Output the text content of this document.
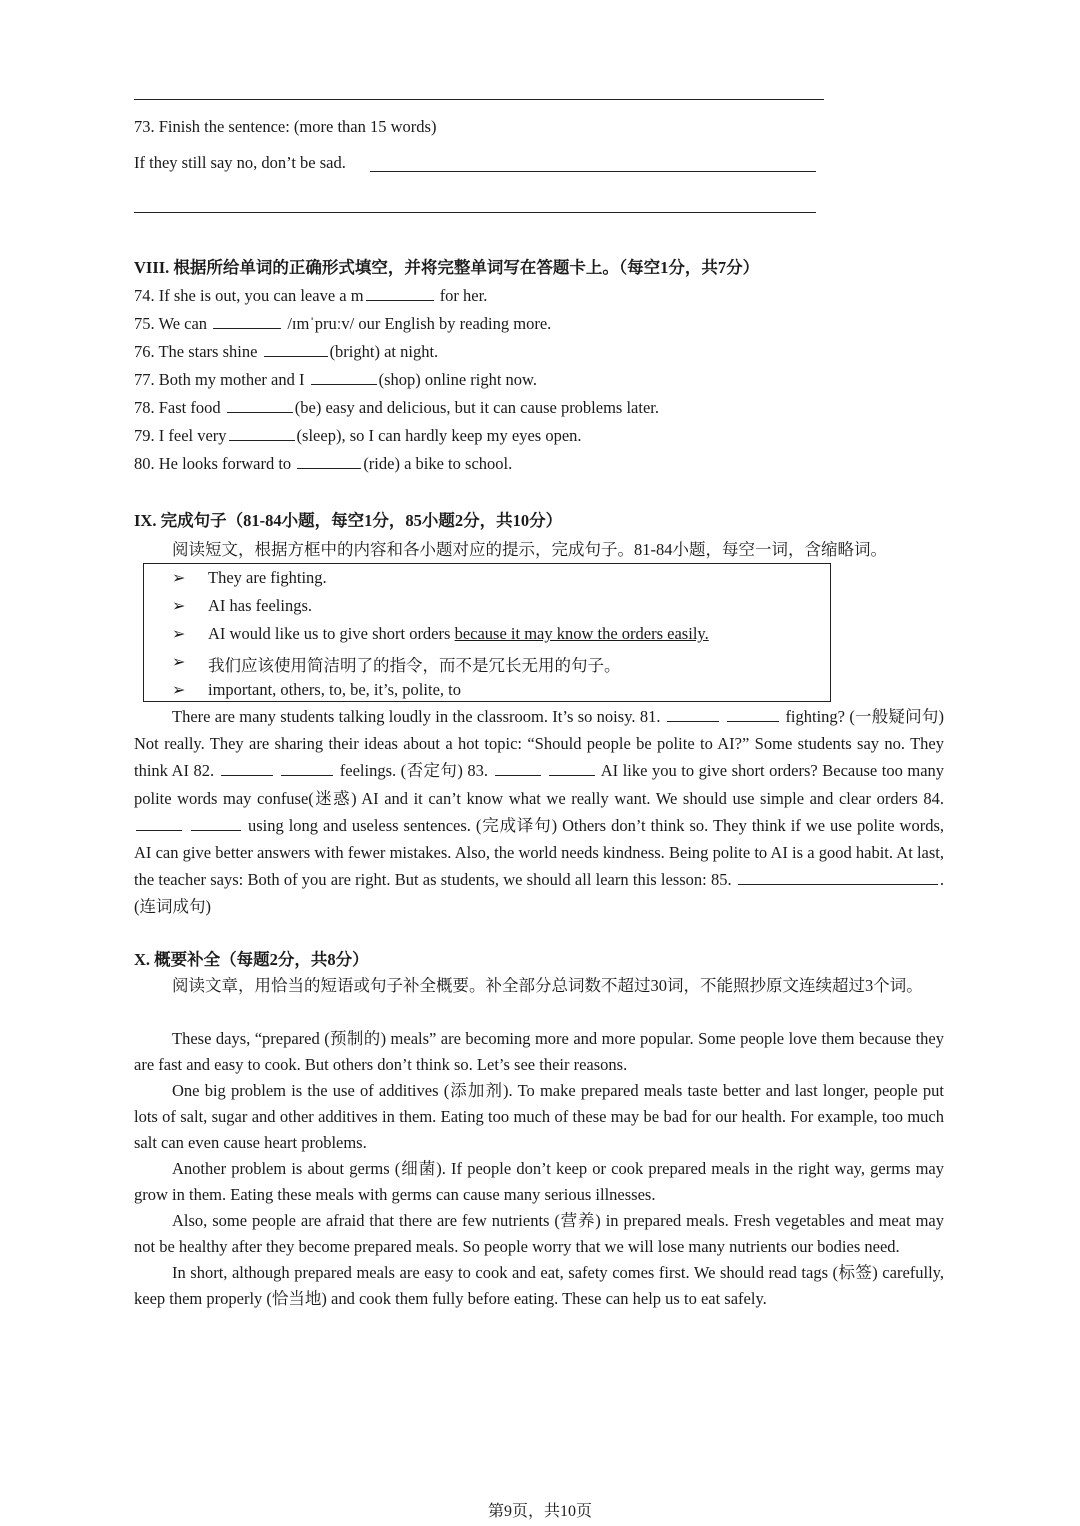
73. Finish the sentence: (more than 15 words)
If they still say no, don’t be sad.
VIII. 根据所给单词的正确形式填空，并将完整单词写在答题卡上。（每空1分，共7分）
74. If she is out, you can leave a m	for her.
75. We can	/ɪmˈpruːv/ our English by reading more.
76. The stars shine	(bright) at night.
77. Both my mother and I	(shop) online right now.
78. Fast food	(be) easy and delicious, but it can cause problems later.
79. I feel very	(sleep), so I can hardly keep my eyes open.
80. He looks forward to	(ride) a bike to school.
IX. 完成句子（81-84小题，每空1分，85小题2分，共10分）
阅读短文，根据方框中的内容和各小题对应的提示，完成句子。81-84小题，每空一词，含缩略词。
➢ They are fighting.
➢ AI has feelings.
➢ AI would like us to give short orders because it may know the orders easily.
➢ 我们应该使用简洁明了的指令，而不是冗长无用的句子。
➢ important, others, to, be, it’s, polite, to

There are many students talking loudly in the classroom. It’s so noisy. 81.	fighting? (一般疑问句) Not really. They are sharing their ideas about a hot topic: “Should people be polite to AI?” Some students say no. They think AI 82.	feelings. (否定句) 83.	AI like you to give short orders? Because too many polite words may confuse(迷惑) AI and it can’t know what we really want. We should use simple and clear orders 84.   using long and useless sentences. (完成译句) Others don’t think so. They think if we use polite words, AI can give better answers with fewer mistakes. Also, the world needs kindness. Being polite to AI is a good habit. At last, the teacher says: Both of you are right. But as students, we should all learn this lesson: 85.	. (连词成句)

X. 概要补全（每题2分，共8分）

阅读文章，用恰当的短语或句子补全概要。补全部分总词数不超过30词，不能照抄原文连续超过3个词。

These days, “prepared (预制的) meals” are becoming more and more popular. Some people love them because they are fast and easy to cook. But others don’t think so. Let’s see their reasons.

One big problem is the use of additives (添加剂). To make prepared meals taste better and last longer, people put lots of salt, sugar and other additives in them. Eating too much of these may be bad for our health. For example, too much salt can even cause heart problems.

Another problem is about germs (细菌). If people don’t keep or cook prepared meals in the right way, germs may grow in them. Eating these meals with germs can cause many serious illnesses.

Also, some people are afraid that there are few nutrients (营养) in prepared meals. Fresh vegetables and meat may not be healthy after they become prepared meals. So people worry that we will lose many nutrients our bodies need.

In short, although prepared meals are easy to cook and eat, safety comes first. We should read tags (标签) carefully, keep them properly (恰当地) and cook them fully before eating. These can help us to eat safely.

第9页，共10页
